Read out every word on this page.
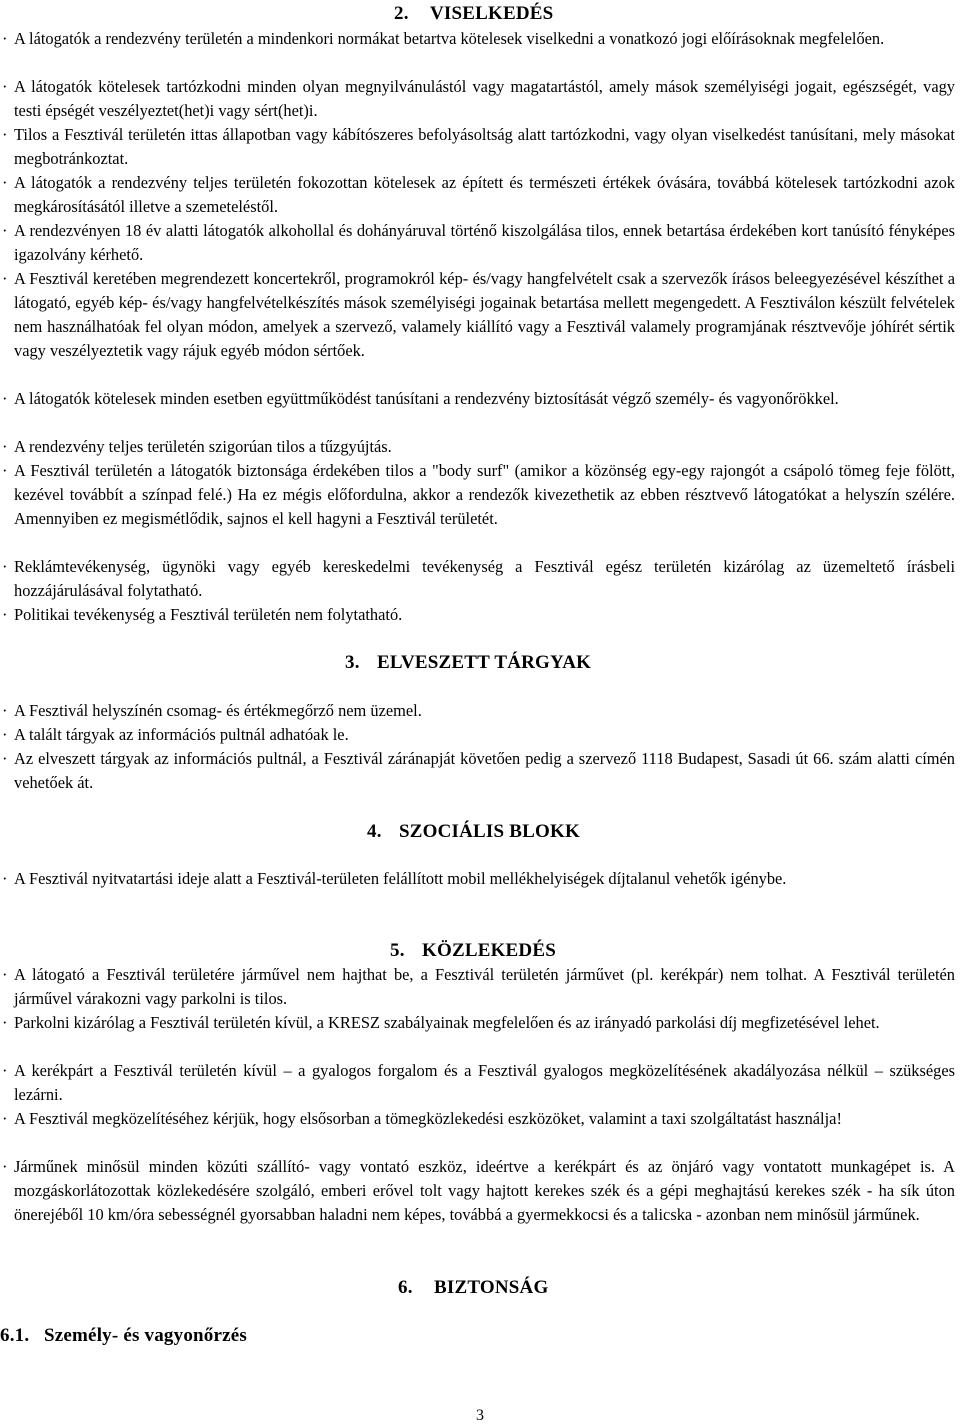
2. VISELKEDÉS
· A látogatók a rendezvény területén a mindenkori normákat betartva kötelesek viselkedni a vonatkozó jogi előírásoknak megfelelően.
· A látogatók kötelesek tartózkodni minden olyan megnyilvánulástól vagy magatartástól, amely mások személyiségi jogait, egészségét, vagy testi épségét veszélyeztet(het)i vagy sért(het)i.
· Tilos a Fesztivál területén ittas állapotban vagy kábítószeres befolyásoltság alatt tartózkodni, vagy olyan viselkedést tanúsítani, mely másokat megbotránkoztat.
· A látogatók a rendezvény teljes területén fokozottan kötelesek az épített és természeti értékek óvására, továbbá kötelesek tartózkodni azok megkárosításától illetve a szemeteléstől.
· A rendezvényen 18 év alatti látogatók alkohollal és dohányáruval történő kiszolgálása tilos, ennek betartása érdekében kort tanúsító fényképes igazolvány kérhető.
· A Fesztivál keretében megrendezett koncertekről, programokról kép- és/vagy hangfelvételt csak a szervezők írásos beleegyezésével készíthet a látogató, egyéb kép- és/vagy hangfelvételkészítés mások személyiségi jogainak betartása mellett megengedett. A Fesztiválon készült felvételek nem használhatóak fel olyan módon, amelyek a szervező, valamely kiállító vagy a Fesztivál valamely programjának résztvevője jóhírét sértik vagy veszélyeztetik vagy rájuk egyéb módon sértőek.
· A látogatók kötelesek minden esetben együttműködést tanúsítani a rendezvény biztosítását végző személy- és vagyonőrökkel.
· A rendezvény teljes területén szigorúan tilos a tűzgyújtás.
· A Fesztivál területén a látogatók biztonsága érdekében tilos a "body surf" (amikor a közönség egy-egy rajongót a csápoló tömeg feje fölött, kezével továbbít a színpad felé.) Ha ez mégis előfordulna, akkor a rendezők kivezethetik az ebben résztvevő látogatókat a helyszín szélére. Amennyiben ez megismétlődik, sajnos el kell hagyni a Fesztivál területét.
· Reklámtevékenység, ügynöki vagy egyéb kereskedelmi tevékenység a Fesztivál egész területén kizárólag az üzemeltető írásbeli hozzájárulásával folytatható.
· Politikai tevékenység a Fesztivál területén nem folytatható.
3. ELVESZETT TÁRGYAK
· A Fesztivál helyszínén csomag- és értékmegőrző nem üzemel.
· A talált tárgyak az információs pultnál adhatóak le.
· Az elveszett tárgyak az információs pultnál, a Fesztivál záránapját követően pedig a szervező 1118 Budapest, Sasadi út 66. szám alatti címén vehetőek át.
4. SZOCIÁLIS BLOKK
· A Fesztivál nyitvatartási ideje alatt a Fesztivál-területen felállított mobil mellékhelyiségek díjtalanul vehetők igénybe.
5. KÖZLEKEDÉS
· A látogató a Fesztivál területére járművel nem hajthat be, a Fesztivál területén járművet (pl. kerékpár) nem tolhat. A Fesztivál területén járművel várakozni vagy parkolni is tilos.
· Parkolni kizárólag a Fesztivál területén kívül, a KRESZ szabályainak megfelelően és az irányadó parkolási díj megfizetésével lehet.
· A kerékpárt a Fesztivál területén kívül – a gyalogos forgalom és a Fesztivál gyalogos megközelítésének akadályozása nélkül – szükséges lezárni.
· A Fesztivál megközelítéséhez kérjük, hogy elsősorban a tömegközlekedési eszközöket, valamint a taxi szolgáltatást használja!
· Járműnek minősül minden közúti szállító- vagy vontató eszköz, ideértve a kerékpárt és az önjáró vagy vontatott munkagépet is. A mozgáskorlátozottak közlekedésére szolgáló, emberi erővel tolt vagy hajtott kerekes szék és a gépi meghajtású kerekes szék - ha sík úton önerejéből 10 km/óra sebességnél gyorsabban haladni nem képes, továbbá a gyermekkocsi és a talicska - azonban nem minősül járműnek.
6. BIZTONSÁG
6.1. Személy- és vagyonőrzés
3
